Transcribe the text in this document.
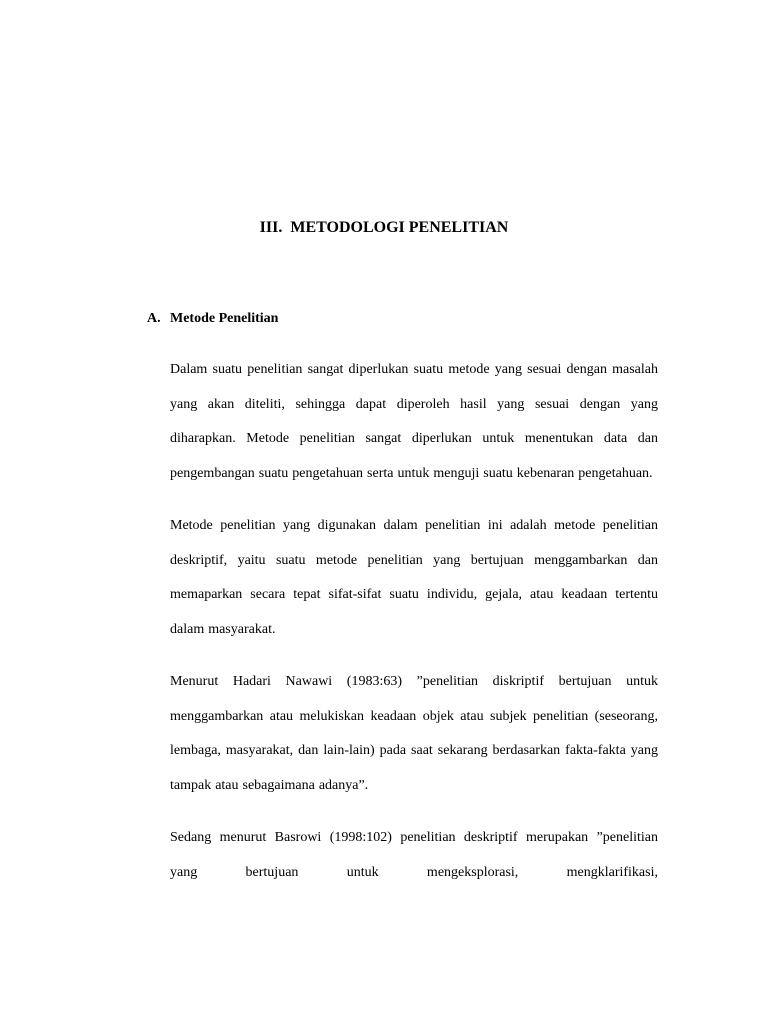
III.  METODOLOGI PENELITIAN
A. Metode Penelitian

Dalam suatu penelitian sangat diperlukan suatu metode yang sesuai dengan masalah yang akan diteliti, sehingga dapat diperoleh hasil yang sesuai dengan yang diharapkan. Metode penelitian sangat diperlukan untuk menentukan data dan pengembangan suatu pengetahuan serta untuk menguji suatu kebenaran pengetahuan.

Metode penelitian yang digunakan dalam penelitian ini adalah metode penelitian deskriptif, yaitu suatu metode penelitian yang bertujuan menggambarkan dan memaparkan secara tepat sifat-sifat suatu individu, gejala, atau keadaan tertentu dalam masyarakat.

Menurut Hadari Nawawi (1983:63) ”penelitian diskriptif bertujuan untuk menggambarkan atau melukiskan keadaan objek atau subjek penelitian (seseorang, lembaga, masyarakat, dan lain-lain) pada saat sekarang berdasarkan fakta-fakta yang tampak atau sebagaimana adanya”.

Sedang menurut Basrowi (1998:102) penelitian deskriptif merupakan ”penelitian yang bertujuan untuk mengeksplorasi, mengklarifikasi,
